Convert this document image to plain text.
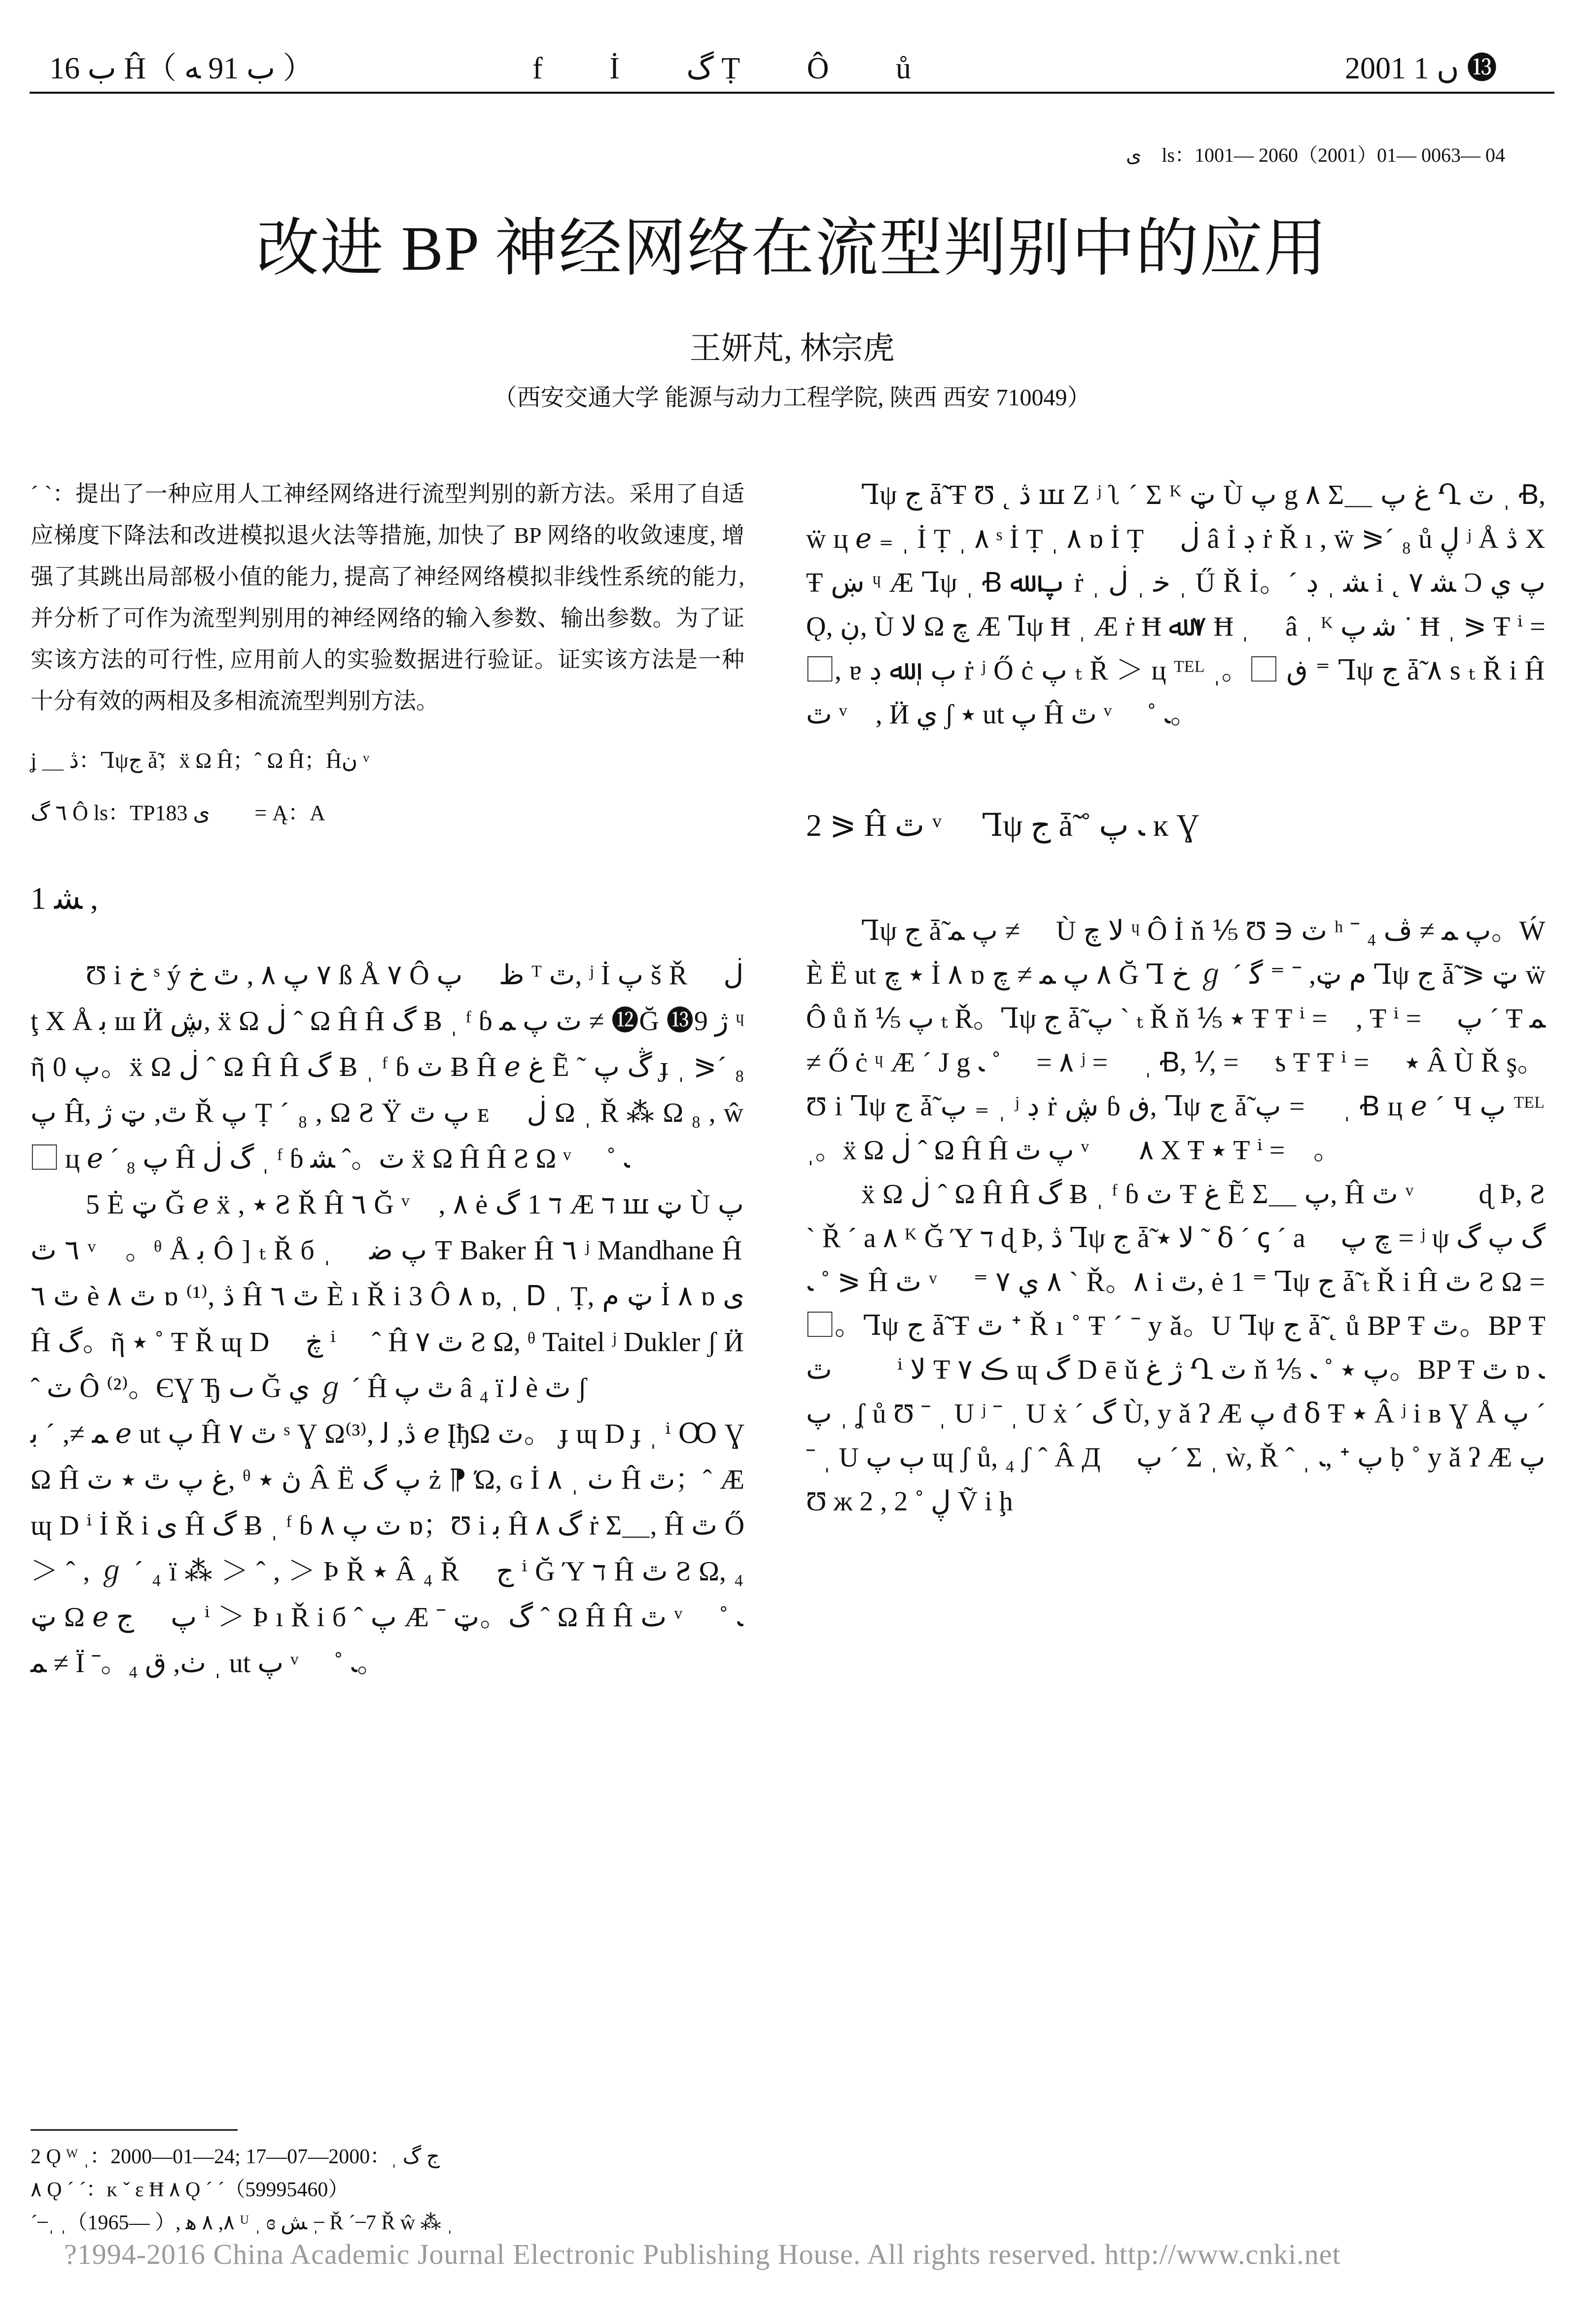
ب 16 Ĥ（ ب 91 ﻪ ）	f İ گ Ṭ Ô ů	2001 ں 1 ⓭
ی ⃞ls：1001— 2060（2001）01— 0063— 04
改进 BP 神经网络在流型判别中的应用
王妍芃, 林宗虎
（西安交通大学 能源与动力工程学院, 陕西 西安 710049）

ˊ ˋ：提出了一种应用人工神经网络进行流型判别的新方法。采用了自适应梯度下降法和改进模拟退火法等措施, 加快了 BP 网络的收敛速度, 增强了其跳出局部极小值的能力, 提高了神经网络模拟非线性系统的能力, 并分析了可作为流型判别用的神经网络的输入参数、输出参数。为了证实该方法的可行性, 应用前人的实验数据进行验证。证实该方法是一种十分有效的两相及多相流流型判别方法。

ʝ ＿ ڎ：Ꞁψج ǡ̃；ẍ Ω Ĥ；ˆ Ω Ĥ；Ĥن ᵛ ⃞
٦ گ Ô ls：TP183 ی Ղ⃞ = Ą：A
1 ﺸ ,

Ʊ i خ ˢ ý ٧ ﭖ ٨ , ٿ خ ß Å ٧ Ô ظ ⃞ پ ᵀ ٿ, ʲ İ پ š Ř ⃞ ڶ ţ Χ Å ﺑ ш Ӥ ڜ, ẍ Ω ڶ ˆ Ω Ĥ Ĥ گ Ƀ ˌ ᶠ ɓ ٽ پ ﻤ ≠ ⓬Ğ ⓭9 ژ ᶣ ῆ پ 0。ẍ Ω ڶ ˆ Ω Ĥ Ĥ گ Ƀ ˌ ᶠ ɓ ٽ Ƀ Ĥ ℯ غ Ẽ ˜ ڴ پ ɟ ˌ ⪖ˊ ₈ پ Ĥ, ٿ, ټ ژ Ř پ Ṭ ˊ ₈ , Ω Ƨ Ÿ پ ٿ ᴇ ⃞ ڶ Ω ˌ Ř ⁂ Ω ₈ , ŵ ⃞ ц ℯ ˊ ₈ پ Ĥ گ ڶ ˌ ᶠ ɓ ٽ。ˆ ﺸ ẍ Ω Ĥ Ĥ Ƨ Ω ᵛ ⃞ ˚ ﹳ

5 Ė ټ Ğ ℯ ẍ , ٭ Ƨ Ř Ĥ ٦ Ğ ᵛ ⃞, ٨ ė ד 1 گ Æ ד ꟺ ټ Ù پ ٦ ٿ ᵛ ⃞。ᶿ Å ﺑ Ô ] ₜ Ř б ˌ ⃞ پ ﺿ Ŧ Baker Ĥ ٦ ʲ Mandhane Ĥ ٿ ٦ è ٿ ٨ ɒ ⁽¹⁾, ڎ Ĥ ٿ ٦ È ı Ř i 3 Ô ٨ ɒ, ˌ Ꭰ ˌ Ṭ, ټ ﻡ İ ٨ ɒ ی Ĥ گ。ῆ ٭ ˚ Ŧ Ř ɰ D ⃞ ڿ ⁱ ⃞ ˆ Ĥ ٿ ٧ Ƨ Ω, ᶿ Taitel ʲ Dukler ʃ Ӥ ˆ ٽ Ô ⁽²⁾。ЄƔ Ђ ٮ Ğ ي ℊ ˊ Ĥ ٿ پ â ₄ ï ﻟ è ٿ ʃ

ﻤ ≠, ˊ ﺑ ℯ ut پ Ĥ ٿ ٧ ˢ Ɣ Ω⁽³⁾, ڎ, ﻟ ℯ ĮђΩ ٽ。 ɟ ɰ D ɟ ˌ ⁱ Ꝏ Ɣ Ω Ĥ غ پ ٿ ٭ ٽ, ᶿ ڽ ٭ Â Ë پ گ ż ⁋ Ώ, ɢ İ ٺ ˌ ٨ Ĥ ٿ；ˆ Æ ɰ D ⁱ İ Ř i ی Ĥ گ Ƀ ˌ ᶠ ɓ ٽ پ ٨ ɒ；Ʊ i ﺑ Ĥ گ ٨ ṙ Σ＿, Ĥ ٿ Ő ＞ ˆ , ℊ ˊ ₄ ï ⁂ ＞ ˆ , ＞ Þ Ř ٭ Â ₄ Ř ⃞ ج ⁱ Ğ Ύ ד Ĥ ٿ Ƨ Ω, ₄ ټ Ω ℯ پ ⃞ ج ⁱ ＞ Þ ı Ř i б ˆ پ Æ ˉ گ。ټ ˆ Ω Ĥ Ĥ ٿ ᵛ ⃞ ˚ ﹳ ﻤ ≠ Ï ˉ。₄ ٺ, ق ˌ ut پ ᵛ ⃞ ˚ ﹳ。

Ꞁψ ج ǡ̃ Ŧ Ʊ ˛ ڎ ꟺ Ζ ʲ ʅ ˊ Σ ᴷ ټ Ù پ g ٨ Σ＿ غ پ Ղ ٽ ˌ Ꞗ, ẅ ц ℯ ₌ ˌ İ Ṭ ˌ ٨ ˢ İ Ṭ ˌ ٨ ɒ İ Ṭ ⃞ ڶ â İ ڊ ṙ Ř ı , ẅ ⪖ˊ ₈ ů ڸ ʲ Å ڎ Χ Ŧ ښ ᶣ Æ Ꞁψ ˌ Ꞗ پ ﷲ ṙ ˌ ﺧ ˌ ڶ ˌ Ű Ř İ。ˊ ﺸ ˌ ڊ i ˛ ﺸ ٧ Ɔ پ ي Ǫ, ڹ, Ù ﻻ Ω چ Æ Ꞁψ Ħ ˌ Æ ṙ Ħ ٧ ﷲ Ħ ˌ ⃞ â ˌ ᴷ ﺷ پ ˙ Ħ ˌ ⪖ Ŧ ⁱ = ⃞, ɐ ٻ ˌ ﷲ ڊ ṙ ʲ Ő ċ پ ₜ Ř ＞ ц ᵀᴱᴸ ˌ。⃞ ڧ ⁼ Ꞁψ ج ǡ̃ ٨ s ₜ Ř i Ĥ ٿ ᵛ ⃞, Ӥ ي ʃ ٭ ut پ Ĥ ٿ ᵛ ⃞ ˚ ﹳ。

2 ⪖ Ĥ ٿ ᵛ ⃞ Ꞁψ ج ǡ̃ ˚ ﹳ پ ĸ Ɣ

Ꞁψ ج ǡ̃ پ ﻤ ≠ ⃞ Ù ﻻ چ ᶣ Ô İ ň ⅕ Ʊ ∋ ٽ ʰ ˉ ₄ پ ﻤ ≠ ڤ。Ẃ È Ë ut ٭ چ İ ٨ ɒ ٨ پ ﻤ ≠ چ Ğ Ꞁ خ ℊ ˊ ﻡ ټ, ˉ ⁼ ﮔ Ꞁψ ج ǡ̃ ⪖ ټ ẅ Ô ů ň ⅕ پ ₜ Ř。Ꞁψ ج ǡ̃ پ ˋ ₜ Ř ň ⅕ ٭ Ŧ Ŧ ⁱ = ⃞, Ŧ ⁱ = ⃞ پ ˊ Ŧ ﻤ ≠ Ő ċ ᶣ Æ ˊ J g ٨ = ⃞ ˚ ﹳ ʲ = ⃞ ˌ Ꞗ, ⅟, = ⃞ ƾ Ŧ Ŧ ⁱ = ⃞ ٭ Â Ù Ř ş。Ʊ i Ꞁψ ج ǡ̃ پ ₌ ˌ ʲ ڊ ṙ ڜ ɓ ڧ, Ꞁψ ج ǡ̃ پ = ⃞ ˌ Ꞗ ц ℯ ˊ Ч پ ᵀᴱᴸ ˌ。ẍ Ω ڶ ˆ Ω Ĥ Ĥ پ ٿ ᵛ ⃞：٨ Χ Ŧ ٭ Ŧ ⁱ = ⃞。

ẍ Ω ڶ ˆ Ω Ĥ Ĥ گ Ƀ ˌ ᶠ ɓ ٽ Ŧ غ Ẽ Σ＿ پ, Ĥ ٿ ᵛ ⃞ ＞ ɖ Þ, Ƨ ˋ Ř ˊ a ٨ ᴷ Ğ Ύ ד ɖ Þ, ڎ Ꞁψ ج ǡ̃ ﻻ ٭ ˜ ẟ ˊ ꞔ ˊ a ⃞ چ پ = ʲ ψ گ پ گ ˚ ﹳ ⪖ Ĥ ٿ ᵛ ⃞ ⁼ ٨ ي ٧ ˋ Ř。٨ i ٿ, ė 1 ⁼ Ꞁψ ج ǡ̃ ₜ Ř i Ĥ ٿ Ƨ Ω = ⃞。Ꞁψ ج ǡ̃ Ŧ ٿ ᐩ Ř ı ˚ Ŧ ˊ ˉ y ǎ。U Ꞁψ ج ǡ̃ ˛ ů BP Ŧ ٿ。BP Ŧ ٿ ⃞ ⃞ ⁱ ﻻ Ŧ ڪ ٧ ɰ گ D ē ǔ ژ غ Ղ ٽ ň ⅕ پ ٭ ˚ ﹳ。BP Ŧ ٿ ɒ ﹳ پ ˌ ʆ ů Ʊ ˉ ˌ U ʲ ˉ ˌ U ẋ ˊ گ Ù, y ǎ ʔ Æ پ đ ẟ Ŧ ٭ Â ʲ i ʙ Ɣ Å پ ˊ ˉ ˌ U ٻ پ ɰ ʃ ů, ₄ ʃ ˆ Â Д ⃞ پ ˊ Σ ˌ ẁ, Ř ˆ ˌ ﹳ, ᐩ پ ḅ ˚ y ǎ ʔ Æ پ Ʊ ж ڸ ˚ 2 , 2 Ṽ i ḩ

2 Ǫ ᵂ ˌ：2000—01—24; ج گ ˌ：2000—07—17
٨ Ǫ ˊ ˊ：ᴋ ˇ ɛ Ħ ٨ Ǫ ˊ ˊ（59995460）
ˊ ̶ ˌ ˌ（1965— ）, ٨, ٨ ﮬ ᵁ ˌ ɞ ﺶ ˌ ̶ Ř ˊ ̶ 7 Ř ŵ ⁂ ˌ
?1994-2016 China Academic Journal Electronic Publishing House. All rights reserved. http://www.cnki.net
